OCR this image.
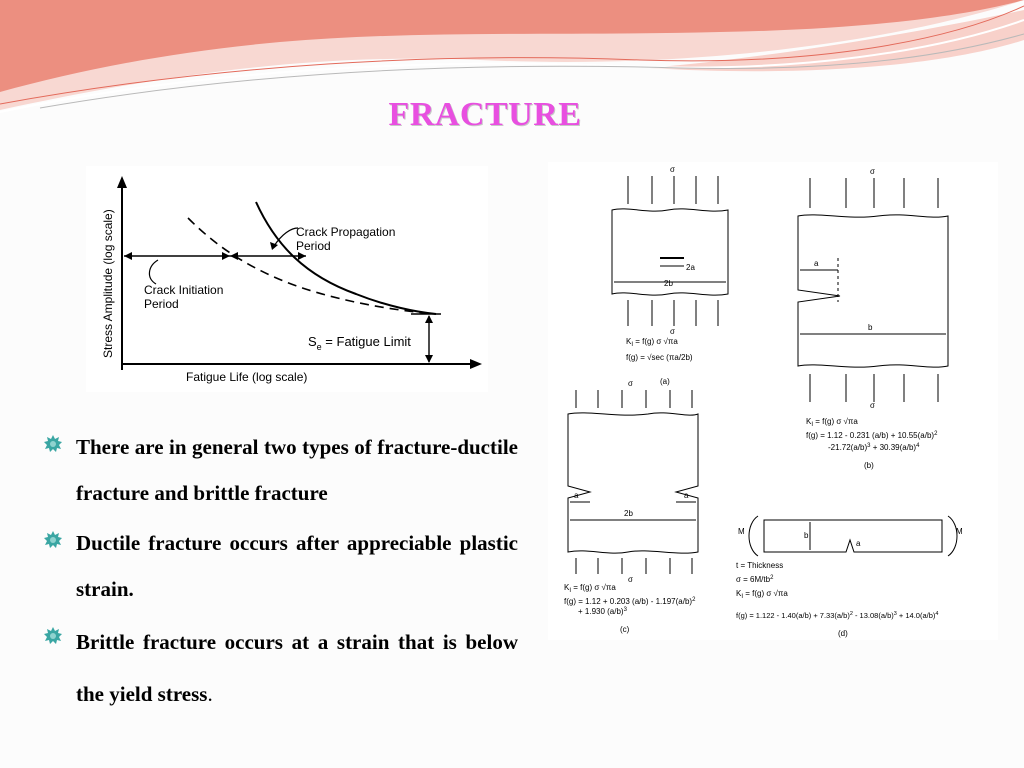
FRACTURE
Stress Amplitude (log scale)
Fatigue Life (log scale)
Crack Propagation
Period
Crack Initiation
Period
$S_e$ = Fatigue Limit
σ
2a
2b
σ
$K_I = f(g)$ σ √πa
f(g) = √sec (πa/2b)
(a)
σ
a
b
σ
$K_I = f(g)$ σ √πa
f(g) = 1.12 - 0.231 $(a/b) + 10.55(a/b)^2$
$-21.72(a/b)^3 + 30.39(a/b)^4$
(b)
σ
a	a
2b
σ
$K_I = f(g)$ σ √πa
f(g) = 1.12 + 0.203 $(a/b) - 1.197(a/b)^2$
+ 1.930 $(a/b)^3$
(c)
M	M
b
a
t = Thickness
$\sigma = 6M/tb^2$
$K_I = f(g)$ σ √πa
$f(g) = 1.122 - 1.40(a/b) + 7.33(a/b)^2 - 13.08(a/b)^3 + 14.0(a/b)^4$
(d)
There are in general two types of fracture-ductile fracture and brittle fracture
Ductile fracture occurs after appreciable plastic strain.
Brittle fracture occurs at a strain that is below the yield stress.
